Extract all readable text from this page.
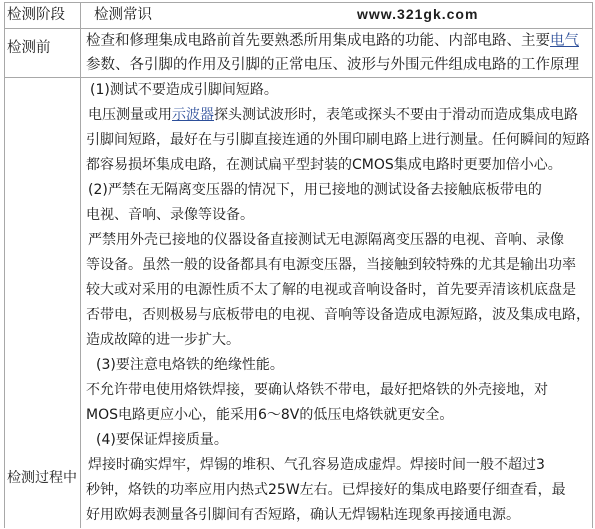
www.321gk.com
检测阶段	检测常识
检测前	检查和修理集成电路前首先要熟悉所用集成电路的功能、内部电路、主要电气
参数、各引脚的作用及引脚的正常电压、波形与外围元件组成电路的工作原理
检测过程中
(1)测试不要造成引脚间短路。
电压测量或用示波器探头测试波形时，表笔或探头不要由于滑动而造成集成电路
引脚间短路，最好在与引脚直接连通的外围印刷电路上进行测量。任何瞬间的短路
都容易损坏集成电路，在测试扁平型封装的CMOS集成电路时更要加倍小心。
(2)严禁在无隔离变压器的情况下，用已接地的测试设备去接触底板带电的
电视、音响、录像等设备。
严禁用外壳已接地的仪器设备直接测试无电源隔离变压器的电视、音响、录像
等设备。虽然一般的设备都具有电源变压器，当接触到较特殊的尤其是输出功率
较大或对采用的电源性质不太了解的电视或音响设备时，首先要弄清该机底盘是
否带电，否则极易与底板带电的电视、音响等设备造成电源短路，波及集成电路，
造成故障的进一步扩大。
(3)要注意电烙铁的绝缘性能。
不允许带电使用烙铁焊接，要确认烙铁不带电，最好把烙铁的外壳接地，对
MOS电路更应小心，能采用6～8V的低压电烙铁就更安全。
(4)要保证焊接质量。
焊接时确实焊牢，焊锡的堆积、气孔容易造成虚焊。焊接时间一般不超过3
秒钟，烙铁的功率应用内热式25W左右。已焊接好的集成电路要仔细查看，最
好用欧姆表测量各引脚间有否短路，确认无焊锡粘连现象再接通电源。
